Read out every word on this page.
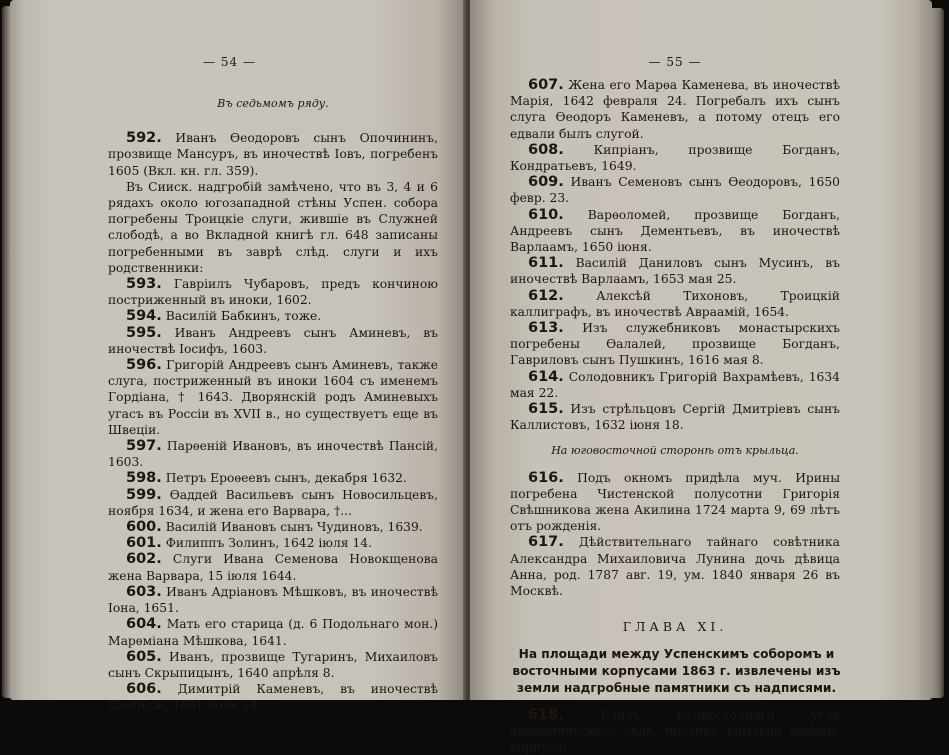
— 54 —
Въ седьмомъ ряду.

592. Иванъ Ѳеодоровъ сынъ Опочининъ, прозвище Мансуръ, въ иночествѣ Іовъ, погребенъ 1605 (Вкл. кн. гл. 359).

Въ Сииск. надгробій замѣчено, что въ 3, 4 и 6 рядахъ около югозападной стѣны Успен. собора погребены Троицкіе слуги, жившіе въ Служней слободѣ, а во Вкладной книгѣ гл. 648 записаны погребенными въ заврѣ слѣд. слуги и ихъ родственники:

593. Гавріилъ Чубаровъ, предъ кончиною постриженный въ иноки, 1602.

594. Василій Бабкинъ, тоже.

595. Иванъ Андреевъ сынъ Аминевъ, въ иночествѣ Іосифъ, 1603.

596. Григорій Андреевъ сынъ Аминевъ, также слуга, постриженный въ иноки 1604 съ именемъ Гордіана, † 1643. Дворянскій родъ Аминевыхъ угасъ въ Россіи въ XVII в., но существуетъ еще въ Швеціи.

597. Парѳеній Ивановъ, въ иночествѣ Пансій, 1603.

598. Петръ Ероѳеевъ сынъ, декабря 1632.

599. Ѳаддей Васильевъ сынъ Новосильцевъ, ноября 1634, и жена его Варвара, †...

600. Василій Ивановъ сынъ Чудиновъ, 1639.

601. Филиппъ Золинъ, 1642 іюля 14.

602. Слуги Ивана Семенова Новокщенова жена Варвара, 15 іюля 1644.

603. Иванъ Адріановъ Мѣшковъ, въ иночествѣ Іона, 1651.

604. Мать его старица (д. 6 Подольнаго мон.) Марѳміана Мѣшкова, 1641.

605. Иванъ, прозвище Тугаринъ, Михаиловъ сынъ Скрыпицынъ, 1640 апрѣля 8.

606. Димитрій Каменевъ, въ иночествѣ Діонисій, 1631 іюля 14.

— 55 —

607. Жена его Марѳа Каменева, въ иночествѣ Марія, 1642 февраля 24. Погребалъ ихъ сынъ слуга Ѳеодоръ Каменевъ, а потому отецъ его едвали былъ слугой.

608. Кипріанъ, прозвище Богданъ, Кондратьевъ, 1649.

609. Иванъ Семеновъ сынъ Ѳеодоровъ, 1650 февр. 23.

610. Варѳоломей, прозвище Богданъ, Андреевъ сынъ Дементьевъ, въ иночествѣ Варлаамъ, 1650 іюня.

611. Василій Даниловъ сынъ Мусинъ, въ иночествѣ Варлаамъ, 1653 мая 25.

612.	Алексѣй Тихоновъ, Троицкій каллиграфъ, въ иночествѣ Авраамій, 1654.

613. Изъ служебниковъ монастырскихъ погребены Ѳалалей, прозвище Богданъ, Гавриловъ сынъ Пушкинъ, 1616 мая 8.

614. Солодовникъ Григорій Вахрамѣевъ, 1634 мая 22.

615. Изъ стрѣльцовъ Сергій Дмитріевъ сынъ Каллистовъ, 1632 іюня 18.

На юговосточной сторонѣ отъ крыльца.

616. Подъ окномъ придѣла муч. Ирины погребена Чистенской полусотни Григорія Свѣшникова жена Акилина 1724 марта 9, 69 лѣтъ отъ рожденія.

617. Дѣйствительнаго тайнаго совѣтника Александра Михаиловича Лунина дочь дѣвица Анна, род. 1787 авг. 19, ум. 1840 января 26 въ Москвѣ.

ГЛАВА XI.
На площади между Успенскимъ соборомъ и восточными корпусами 1863 г. извлечены изъ земли надгробные памятники съ надписями.

618.	Близъ юговосточнаго угла академическаго сада, противъ крыльца академ. корпуса:
